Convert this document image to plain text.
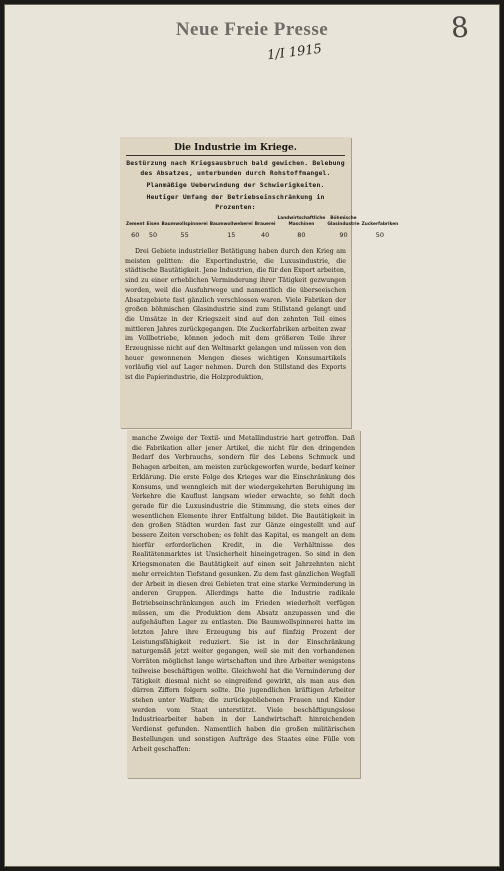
Neue Freie Presse
1/I 1915
8
Die Industrie im Kriege.
Bestürzung nach Kriegsausbruch bald gewichen. Belebung des Absatzes, unterbunden durch Rohstoffmangel.
Planmäßige Ueberwindung der Schwierigkeiten.
Heutiger Umfang der Betriebseinschränkung in Prozenten:
Zement	Eisen	Baumwollspinnerei	Baumwollweberei	Brauerei	Landwirtschaftliche Maschinen	Böhmische Glasindustrie	Zuckerfabriken
60	50	55	15	40	80	90	50
Drei Gebiete industrieller Betätigung haben durch den Krieg am meisten gelitten: die Exportindustrie, die Luxusindustrie, die städtische Bautätigkeit. Jene Industrien, die für den Export arbeiten, sind zu einer erheblichen Verminderung ihrer Tätigkeit gezwungen worden, weil die Ausfuhrwege und namentlich die überseeischen Absatzgebiete fast gänzlich verschlossen waren. Viele Fabriken der großen böhmischen Glasindustrie sind zum Stillstand gelangt und die Umsätze in der Kriegszeit sind auf den zehnten Teil eines mittleren Jahres zurückgegangen. Die Zuckerfabriken arbeiten zwar im Vollbetriebe, können jedoch mit dem größeren Teile ihrer Erzeugnisse nicht auf den Weltmarkt gelangen und müssen von den heuer gewonnenen Mengen dieses wichtigen Konsumartikels vorläufig viel auf Lager nehmen. Durch den Stillstand des Exports ist die Papierindustrie, die Holzproduktion,
manche Zweige der Textil- und Metallindustrie hart getroffen. Daß die Fabrikation aller jener Artikel, die nicht für den dringenden Bedarf des Verbrauchs, sondern für des Lebens Schmuck und Behagen arbeiten, am meisten zurückgeworfen wurde, bedarf keiner Erklärung. Die erste Folge des Krieges war die Einschränkung des Konsums, und wenngleich mit der wiedergekehrten Beruhigung im Verkehre die Kauflust langsam wieder erwachte, so fehlt doch gerade für die Luxusindustrie die Stimmung, die stets eines der wesentlichen Elemente ihrer Entfaltung bildet. Die Bautätigkeit in den großen Städten wurden fast zur Gänze eingestellt und auf bessere Zeiten verschoben; es fehlt das Kapital, es mangelt an dem hierfür erforderlichen Kredit, in die Verhältnisse des Realitätenmarktes ist Unsicherheit hineingetragen. So sind in den Kriegsmonaten die Bautätigkeit auf einen seit Jahrzehnten nicht mehr erreichten Tiefstand gesunken. Zu dem fast gänzlichen Wegfall der Arbeit in diesen drei Gebieten trat eine starke Verminderung in anderen Gruppen. Allerdings hatte die Industrie radikale Betriebseinschränkungen auch im Frieden wiederholt verfügen müssen, um die Produktion dem Absatz anzupassen und die aufgehäuften Lager zu entlasten. Die Baumwollspinnerei hatte im letzten Jahre ihre Erzeugung bis auf fünfzig Prozent der Leistungsfähigkeit reduziert. Sie ist in der Einschränkung naturgemäß jetzt weiter gegangen, weil sie mit den vorhandenen Vorräten möglichst lange wirtschaften und ihre Arbeiter wenigstens teilweise beschäftigen wollte. Gleichwohl hat die Verminderung der Tätigkeit diesmal nicht so eingreifend gewirkt, als man aus den dürren Ziffern folgern sollte. Die jugendlichen kräftigen Arbeiter stehen unter Waffen; die zurückgebliebenen Frauen und Kinder werden vom Staat unterstützt. Viele beschäftigungslose Industriearbeiter haben in der Landwirtschaft hinreichenden Verdienst gefunden. Namentlich haben die großen militärischen Bestellungen und sonstigen Aufträge des Staates eine Fülle von Arbeit geschaffen:
